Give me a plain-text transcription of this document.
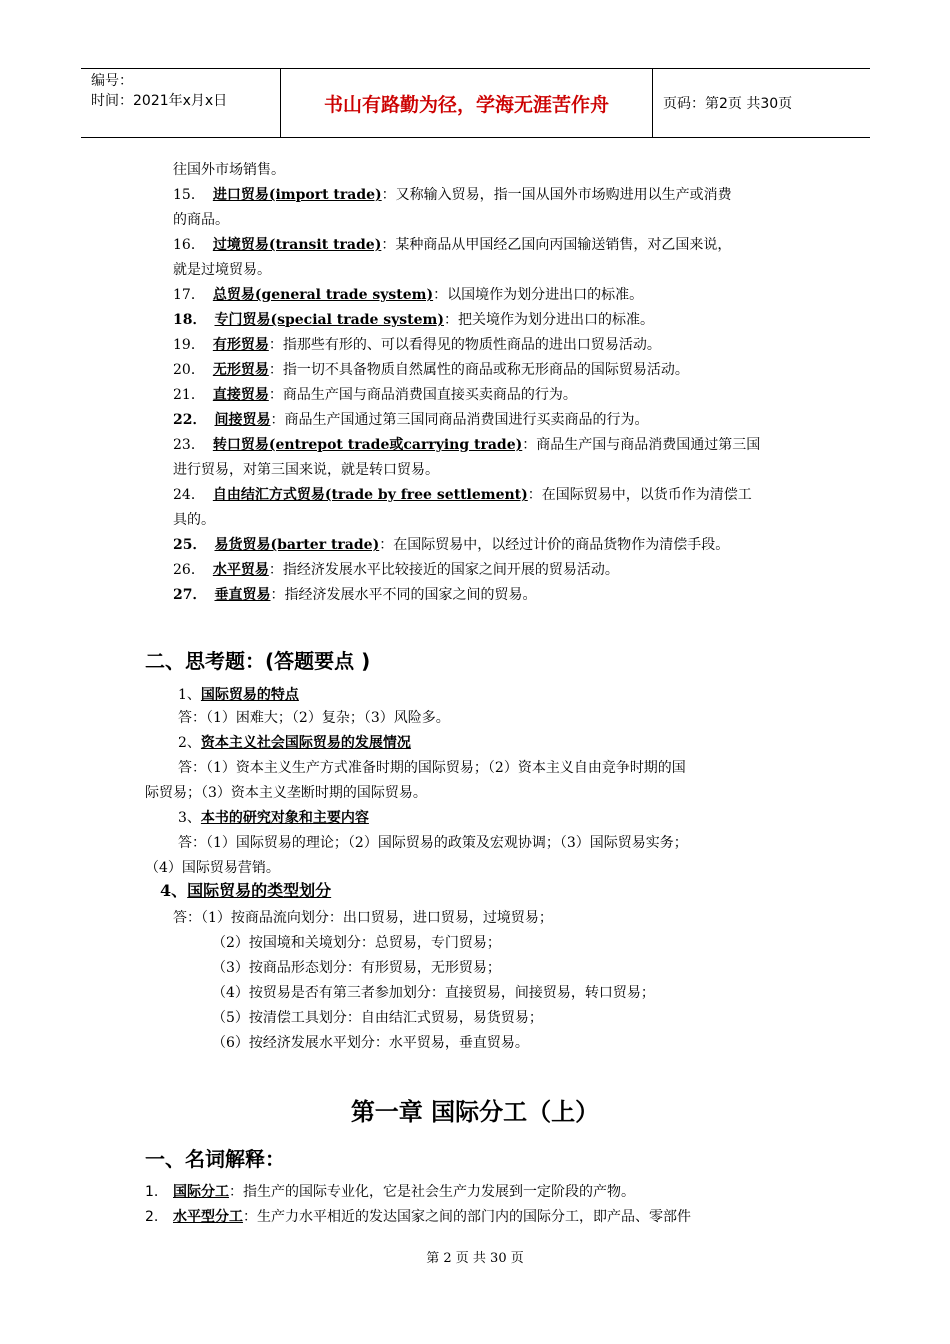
编号：
时间：2021年x月x日	书山有路勤为径，学海无涯苦作舟	页码：第2页 共30页
往国外市场销售。
15． 进口贸易(import trade)：又称输入贸易，指一国从国外市场购进用以生产或消费
的商品。
16． 过境贸易(transit trade)：某种商品从甲国经乙国向丙国输送销售，对乙国来说，
就是过境贸易。
17． 总贸易(general trade system)：以国境作为划分进出口的标准。
18． 专门贸易(special trade system)：把关境作为划分进出口的标准。
19． 有形贸易：指那些有形的、可以看得见的物质性商品的进出口贸易活动。
20． 无形贸易：指一切不具备物质自然属性的商品或称无形商品的国际贸易活动。
21． 直接贸易：商品生产国与商品消费国直接买卖商品的行为。
22． 间接贸易：商品生产国通过第三国同商品消费国进行买卖商品的行为。
23． 转口贸易(entrepot trade或carrying trade)：商品生产国与商品消费国通过第三国
进行贸易，对第三国来说，就是转口贸易。
24． 自由结汇方式贸易(trade by free settlement)：在国际贸易中，以货币作为清偿工
具的。
25． 易货贸易(barter trade)：在国际贸易中，以经过计价的商品货物作为清偿手段。
26． 水平贸易：指经济发展水平比较接近的国家之间开展的贸易活动。
27． 垂直贸易：指经济发展水平不同的国家之间的贸易。
二、思考题：(答题要点 )
1、国际贸易的特点
答：（1）困难大；（2）复杂；（3）风险多。
2、资本主义社会国际贸易的发展情况
答：（1）资本主义生产方式准备时期的国际贸易；（2）资本主义自由竞争时期的国
际贸易；（3）资本主义垄断时期的国际贸易。
3、本书的研究对象和主要内容
答：（1）国际贸易的理论；（2）国际贸易的政策及宏观协调；（3）国际贸易实务；
（4）国际贸易营销。
4、国际贸易的类型划分
答：（1）按商品流向划分：出口贸易，进口贸易，过境贸易；
（2）按国境和关境划分：总贸易，专门贸易；
（3）按商品形态划分：有形贸易，无形贸易；
（4）按贸易是否有第三者参加划分：直接贸易，间接贸易，转口贸易；
（5）按清偿工具划分：自由结汇式贸易，易货贸易；
（6）按经济发展水平划分：水平贸易，垂直贸易。
第一章 国际分工（上）
一、名词解释：
1. 国际分工：指生产的国际专业化，它是社会生产力发展到一定阶段的产物。
2. 水平型分工：生产力水平相近的发达国家之间的部门内的国际分工，即产品、零部件
第 2 页 共 30 页
